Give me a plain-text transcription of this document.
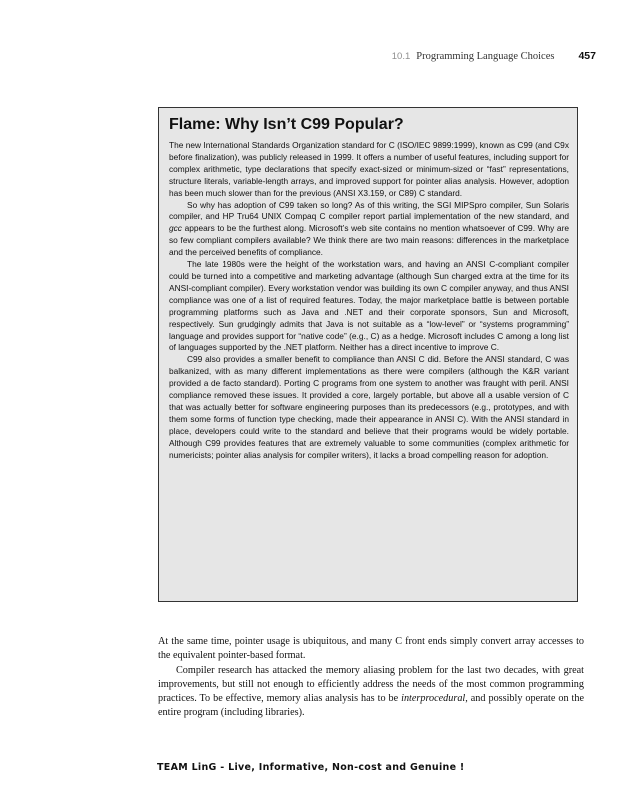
10.1 Programming Language Choices 457
Flame: Why Isn’t C99 Popular?

The new International Standards Organization standard for C (ISO/IEC 9899:1999), known as C99 (and C9x before finalization), was publicly released in 1999. It offers a number of useful features, including support for complex arithmetic, type declarations that specify exact-sized or minimum-sized or “fast” representations, structure literals, variable-length arrays, and improved support for pointer alias analysis. However, adoption has been much slower than for the previous (ANSI X3.159, or C89) C standard.

So why has adoption of C99 taken so long? As of this writing, the SGI MIPSpro compiler, Sun Solaris compiler, and HP Tru64 UNIX Compaq C compiler report partial implementation of the new standard, and gcc appears to be the furthest along. Microsoft’s web site contains no mention whatsoever of C99. Why are so few compliant compilers available? We think there are two main reasons: differences in the marketplace and the perceived benefits of compliance.

The late 1980s were the height of the workstation wars, and having an ANSI C-compliant compiler could be turned into a competitive and marketing advantage (although Sun charged extra at the time for its ANSI-compliant compiler). Every workstation vendor was building its own C compiler anyway, and thus ANSI compliance was one of a list of required features. Today, the major marketplace battle is between portable programming platforms such as Java and .NET and their corporate sponsors, Sun and Microsoft, respectively. Sun grudgingly admits that Java is not suitable as a “low-level” or “systems programming” language and provides support for “native code” (e.g., C) as a hedge. Microsoft includes C among a long list of languages supported by the .NET platform. Neither has a direct incentive to improve C.

C99 also provides a smaller benefit to compliance than ANSI C did. Before the ANSI standard, C was balkanized, with as many different implementations as there were compilers (although the K&R variant provided a de facto standard). Porting C programs from one system to another was fraught with peril. ANSI compliance removed these issues. It provided a core, largely portable, but above all a usable version of C that was actually better for software engineering purposes than its predecessors (e.g., prototypes, and with them some forms of function type checking, made their appearance in ANSI C). With the ANSI standard in place, developers could write to the standard and believe that their programs would be widely portable. Although C99 provides features that are extremely valuable to some communities (complex arithmetic for numericists; pointer alias analysis for compiler writers), it lacks a broad compelling reason for adoption.

At the same time, pointer usage is ubiquitous, and many C front ends simply convert array accesses to the equivalent pointer-based format.

Compiler research has attacked the memory aliasing problem for the last two decades, with great improvements, but still not enough to efficiently address the needs of the most common programming practices. To be effective, memory alias analysis has to be interprocedural, and possibly operate on the entire program (including libraries).

TEAM LinG - Live, Informative, Non-cost and Genuine !
